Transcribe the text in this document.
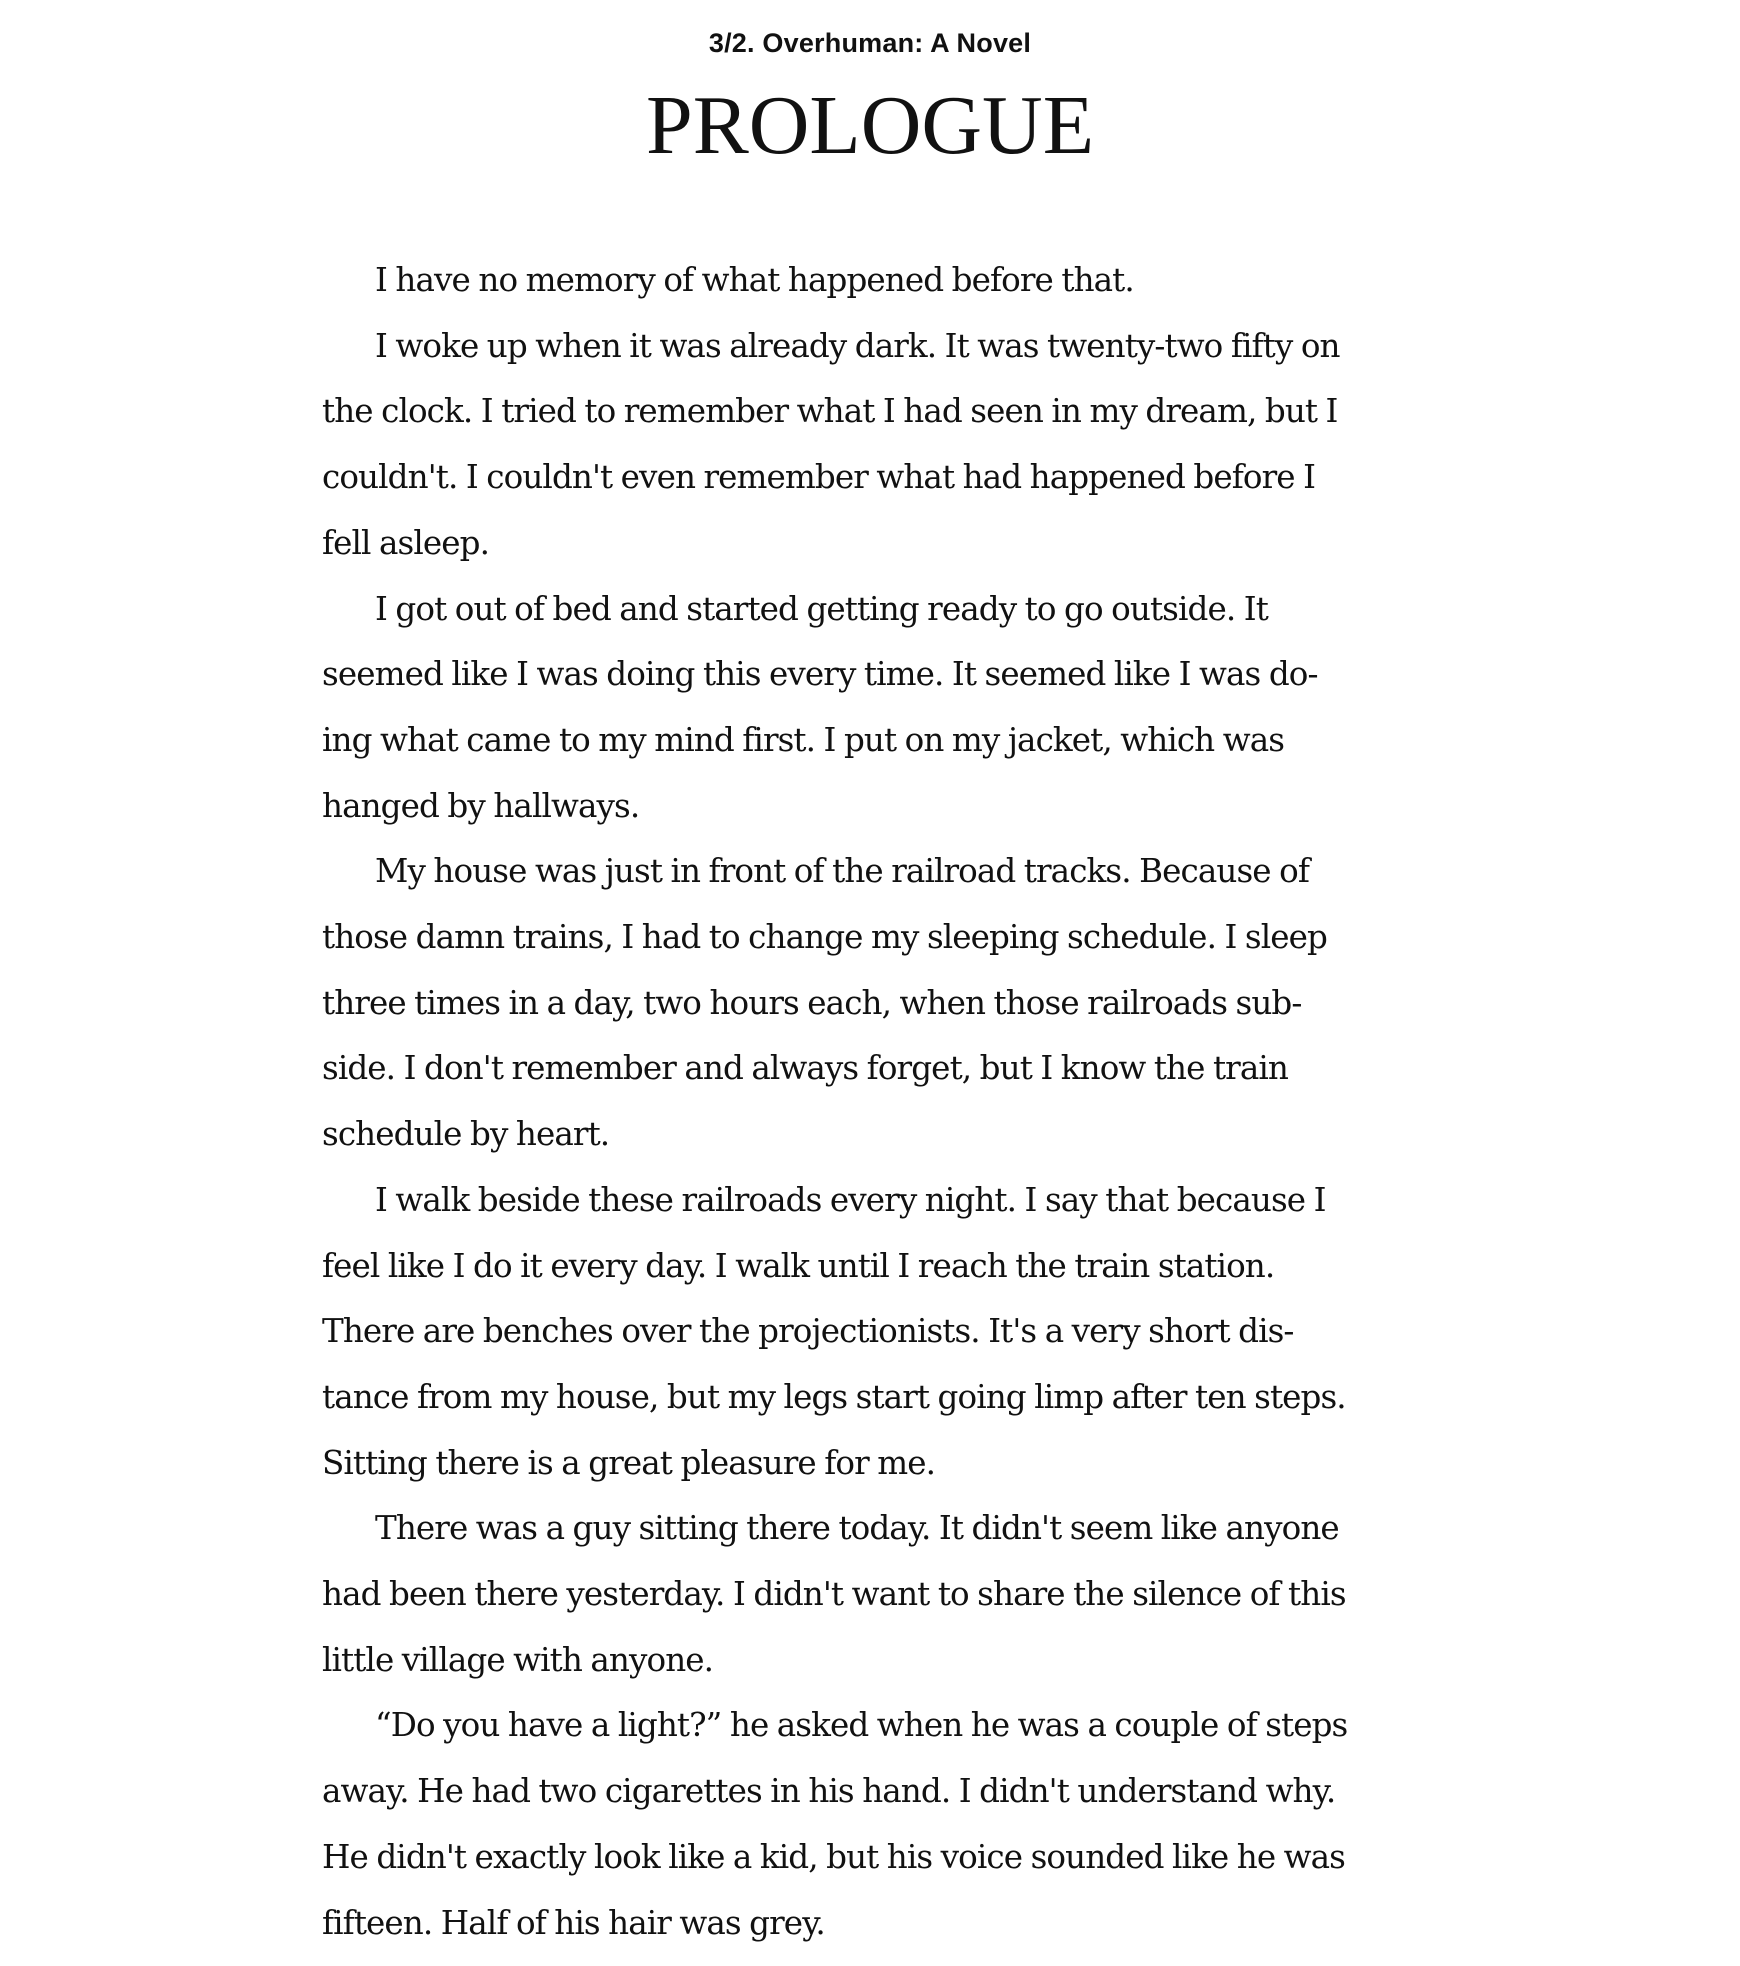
3/2. Overhuman: A Novel
PROLOGUE

I have no memory of what happened before that.

I woke up when it was already dark. It was twenty-two fifty on
the clock. I tried to remember what I had seen in my dream, but I
couldn't. I couldn't even remember what had happened before I
fell asleep.

I got out of bed and started getting ready to go outside. It
seemed like I was doing this every time. It seemed like I was do-
ing what came to my mind first. I put on my jacket, which was
hanged by hallways.

My house was just in front of the railroad tracks. Because of
those damn trains, I had to change my sleeping schedule. I sleep
three times in a day, two hours each, when those railroads sub-
side. I don't remember and always forget, but I know the train
schedule by heart.

I walk beside these railroads every night. I say that because I
feel like I do it every day. I walk until I reach the train station.
There are benches over the projectionists. It's a very short dis-
tance from my house, but my legs start going limp after ten steps.
Sitting there is a great pleasure for me.

There was a guy sitting there today. It didn't seem like anyone
had been there yesterday. I didn't want to share the silence of this
little village with anyone.

“Do you have a light?” he asked when he was a couple of steps
away. He had two cigarettes in his hand. I didn't understand why.
He didn't exactly look like a kid, but his voice sounded like he was
fifteen. Half of his hair was grey.
